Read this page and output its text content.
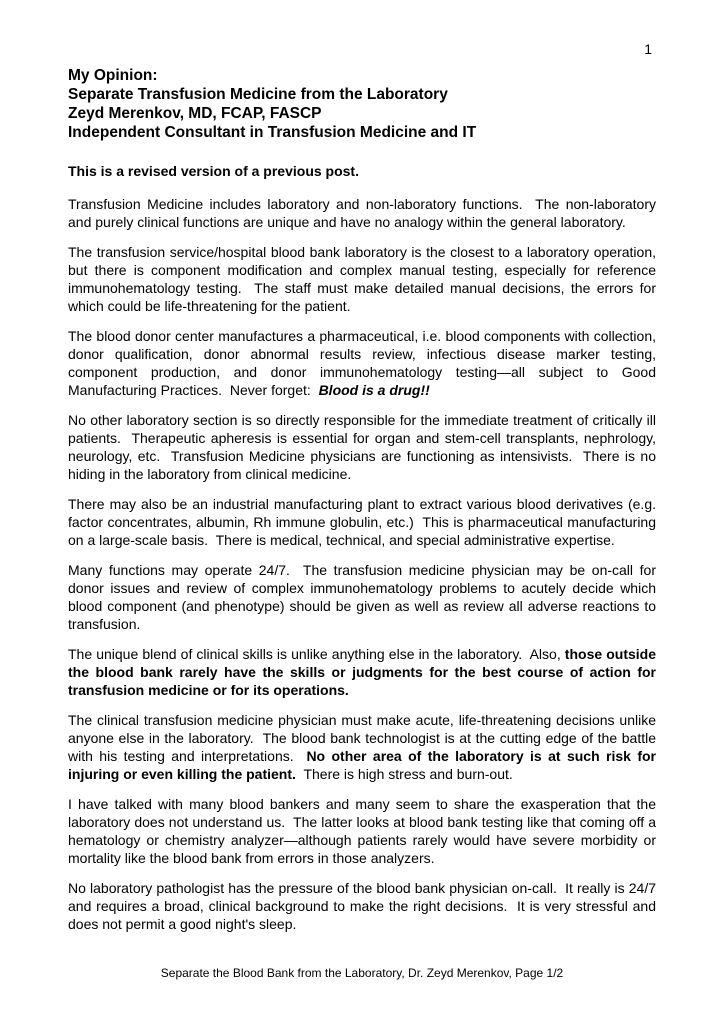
1
My Opinion:
Separate Transfusion Medicine from the Laboratory
Zeyd Merenkov, MD, FCAP, FASCP
Independent Consultant in Transfusion Medicine and IT

This is a revised version of a previous post.

Transfusion Medicine includes laboratory and non-laboratory functions.  The non-laboratory and purely clinical functions are unique and have no analogy within the general laboratory.

The transfusion service/hospital blood bank laboratory is the closest to a laboratory operation, but there is component modification and complex manual testing, especially for reference immunohematology testing.  The staff must make detailed manual decisions, the errors for which could be life-threatening for the patient.

The blood donor center manufactures a pharmaceutical, i.e. blood components with collection, donor qualification, donor abnormal results review, infectious disease marker testing, component production, and donor immunohematology testing—all subject to Good Manufacturing Practices.  Never forget:  Blood is a drug!!

No other laboratory section is so directly responsible for the immediate treatment of critically ill patients.  Therapeutic apheresis is essential for organ and stem-cell transplants, nephrology, neurology, etc.  Transfusion Medicine physicians are functioning as intensivists.  There is no hiding in the laboratory from clinical medicine.

There may also be an industrial manufacturing plant to extract various blood derivatives (e.g. factor concentrates, albumin, Rh immune globulin, etc.)  This is pharmaceutical manufacturing on a large-scale basis.  There is medical, technical, and special administrative expertise.

Many functions may operate 24/7.  The transfusion medicine physician may be on-call for donor issues and review of complex immunohematology problems to acutely decide which blood component (and phenotype) should be given as well as review all adverse reactions to transfusion.

The unique blend of clinical skills is unlike anything else in the laboratory.  Also, those outside the blood bank rarely have the skills or judgments for the best course of action for transfusion medicine or for its operations.

The clinical transfusion medicine physician must make acute, life-threatening decisions unlike anyone else in the laboratory.  The blood bank technologist is at the cutting edge of the battle with his testing and interpretations.  No other area of the laboratory is at such risk for injuring or even killing the patient.  There is high stress and burn-out.

I have talked with many blood bankers and many seem to share the exasperation that the laboratory does not understand us.  The latter looks at blood bank testing like that coming off a hematology or chemistry analyzer—although patients rarely would have severe morbidity or mortality like the blood bank from errors in those analyzers.

No laboratory pathologist has the pressure of the blood bank physician on-call.  It really is 24/7 and requires a broad, clinical background to make the right decisions.  It is very stressful and does not permit a good night's sleep.

Separate the Blood Bank from the Laboratory, Dr. Zeyd Merenkov, Page 1/2
